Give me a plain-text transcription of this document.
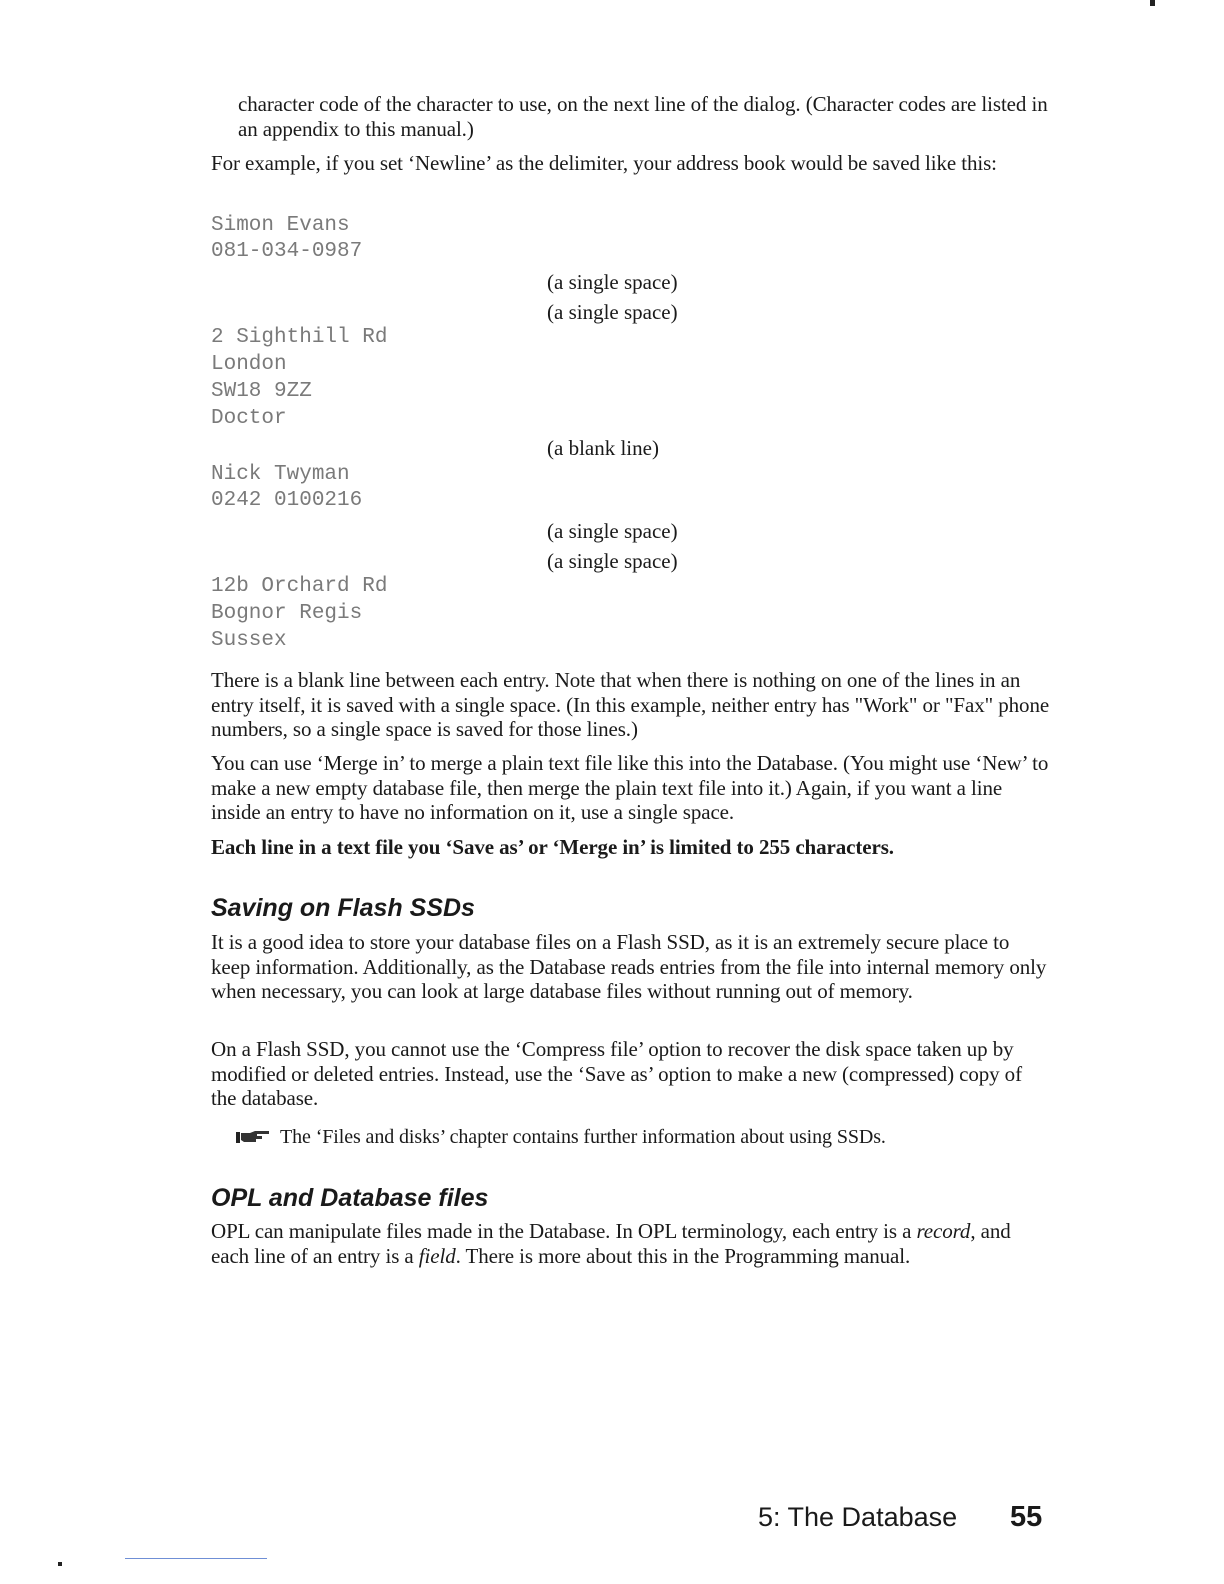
character code of the character to use, on the next line of the dialog. (Character codes are listed in an appendix to this manual.)

For example, if you set ‘Newline’ as the delimiter, your address book would be saved like this:

Simon Evans

081-034-0987

(a single space)

(a single space)

2 Sighthill Rd

London

SW18 9ZZ

Doctor

(a blank line)

Nick Twyman

0242 0100216

(a single space)

(a single space)

12b Orchard Rd

Bognor Regis

Sussex

There is a blank line between each entry. Note that when there is nothing on one of the lines in an entry itself, it is saved with a single space. (In this example, neither entry has "Work" or "Fax" phone numbers, so a single space is saved for those lines.)

You can use ‘Merge in’ to merge a plain text file like this into the Database. (You might use ‘New’ to make a new empty database file, then merge the plain text file into it.) Again, if you want a line inside an entry to have no information on it, use a single space.

Each line in a text file you ‘Save as’ or ‘Merge in’ is limited to 255 characters.

Saving on Flash SSDs

It is a good idea to store your database files on a Flash SSD, as it is an extremely secure place to keep information. Additionally, as the Database reads entries from the file into internal memory only when necessary, you can look at large database files without running out of memory.

On a Flash SSD, you cannot use the ‘Compress file’ option to recover the disk space taken up by modified or deleted entries. Instead, use the ‘Save as’ option to make a new (compressed) copy of the database.

The ‘Files and disks’ chapter contains further information about using SSDs.

OPL and Database files

OPL can manipulate files made in the Database. In OPL terminology, each entry is a record, and each line of an entry is a field. There is more about this in the Programming manual.

5: The Database 55
